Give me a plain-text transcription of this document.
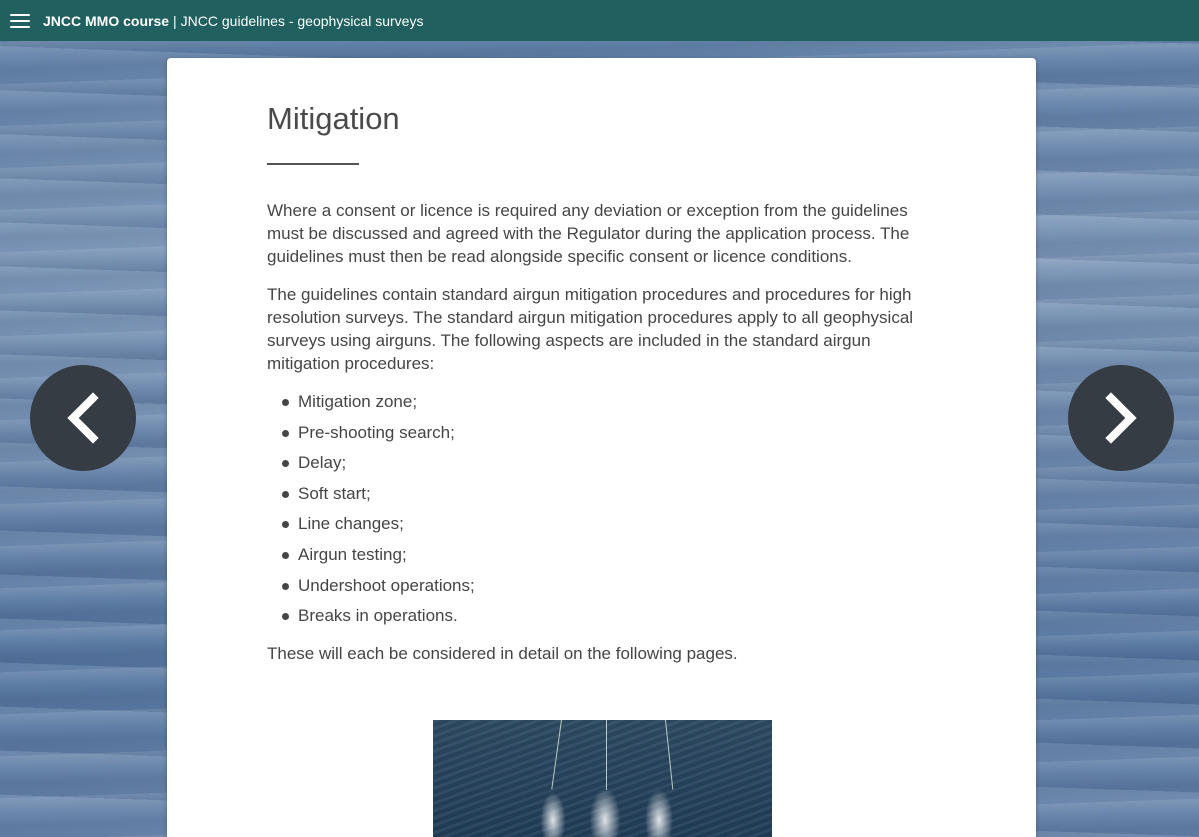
JNCC MMO course | JNCC guidelines - geophysical surveys
Mitigation

Where a consent or licence is required any deviation or exception from the guidelines must be discussed and agreed with the Regulator during the application process. The guidelines must then be read alongside specific consent or licence conditions.

The guidelines contain standard airgun mitigation procedures and procedures for high resolution surveys. The standard airgun mitigation procedures apply to all geophysical surveys using airguns. The following aspects are included in the standard airgun mitigation procedures:

Mitigation zone;
Pre-shooting search;
Delay;
Soft start;
Line changes;
Airgun testing;
Undershoot operations;
Breaks in operations.

These will each be considered in detail on the following pages.
